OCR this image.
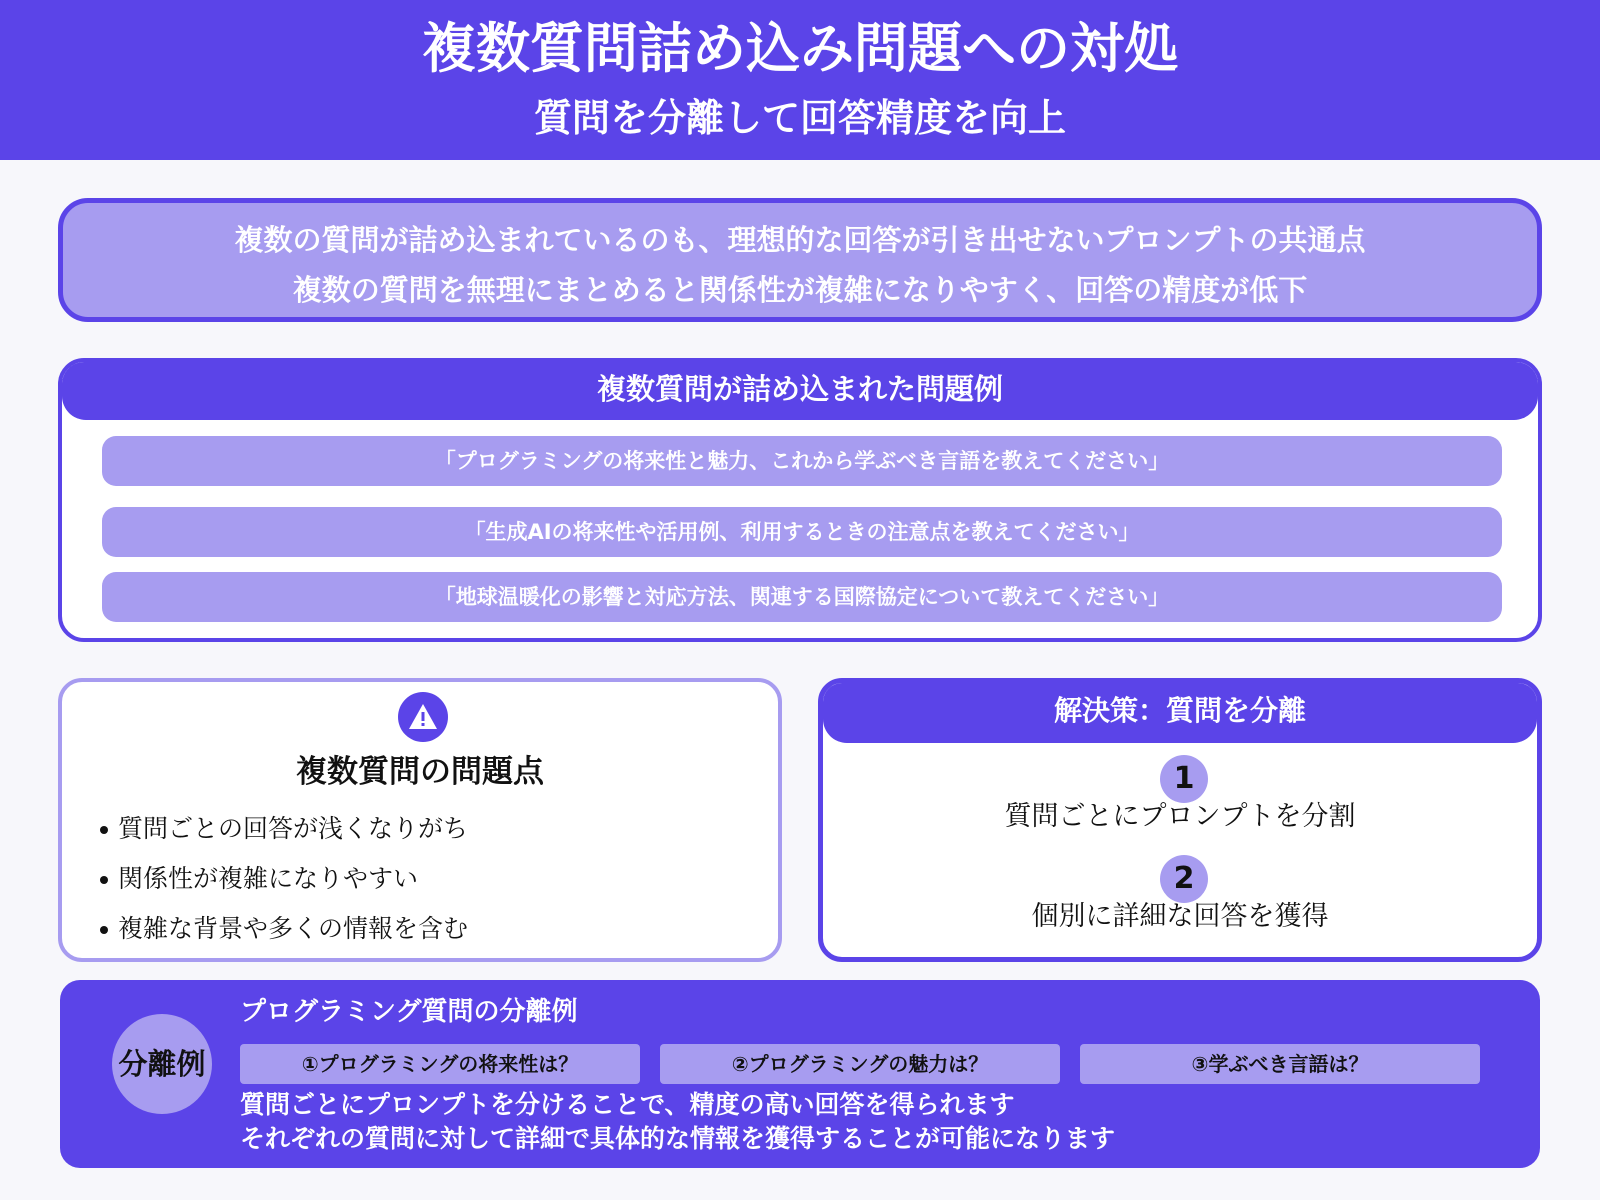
複数質問詰め込み問題への対処
質問を分離して回答精度を向上
複数の質問が詰め込まれているのも、理想的な回答が引き出せないプロンプトの共通点
複数の質問を無理にまとめると関係性が複雑になりやすく、回答の精度が低下
複数質問が詰め込まれた問題例
「プログラミングの将来性と魅力、これから学ぶべき言語を教えてください」
「生成AIの将来性や活用例、利用するときの注意点を教えてください」
「地球温暖化の影響と対応方法、関連する国際協定について教えてください」
複数質問の問題点
質問ごとの回答が浅くなりがち
関係性が複雑になりやすい
複雑な背景や多くの情報を含む
解決策：質問を分離
1
質問ごとにプロンプトを分割
2
個別に詳細な回答を獲得
分離例
プログラミング質問の分離例
①プログラミングの将来性は？	②プログラミングの魅力は？	③学ぶべき言語は？
質問ごとにプロンプトを分けることで、精度の高い回答を得られます
それぞれの質問に対して詳細で具体的な情報を獲得することが可能になります
